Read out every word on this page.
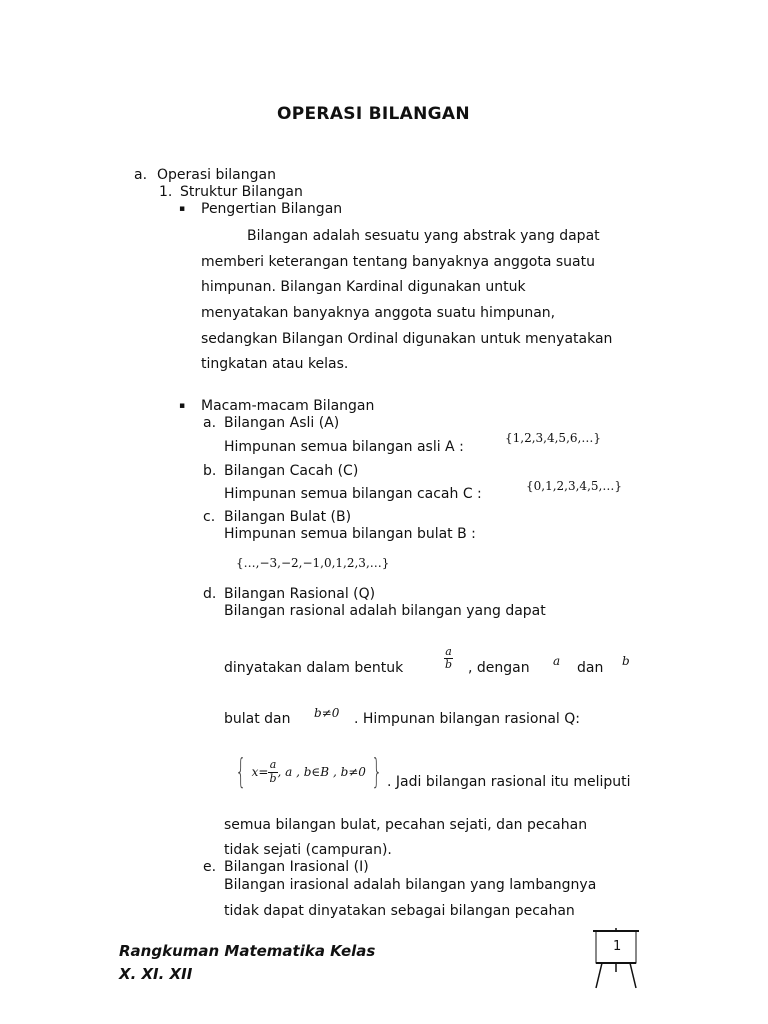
OPERASI BILANGAN
a. Operasi bilangan
1. Struktur Bilangan
▪ Pengertian Bilangan
Bilangan adalah sesuatu yang abstrak yang dapat
memberi keterangan tentang banyaknya anggota suatu
himpunan. Bilangan Kardinal digunakan untuk
menyatakan banyaknya anggota suatu himpunan,
sedangkan Bilangan Ordinal digunakan untuk menyatakan
tingkatan atau kelas.
▪ Macam-macam Bilangan
a. Bilangan Asli (A)
Himpunan semua bilangan asli A :
{1,2,3,4,5,6,…}
b. Bilangan Cacah (C)
Himpunan semua bilangan cacah C :	{0,1,2,3,4,5,…}
c. Bilangan Bulat (B)
Himpunan semua bilangan bulat B :
{…,−3,−2,−1,0,1,2,3,…}
d. Bilangan Rasional (Q)
Bilangan rasional adalah bilangan yang dapat
dinyatakan dalam bentuk	$\frac{a}{b}$ , dengan a dan b
bulat dan b≠0 . Himpunan bilangan rasional Q:
{ $x= \frac{a}{b}$ , a , b∈B , b≠0 } . Jadi bilangan rasional itu meliputi
semua bilangan bulat, pecahan sejati, dan pecahan
tidak sejati (campuran).
e. Bilangan Irasional (I)
Bilangan irasional adalah bilangan yang lambangnya
tidak dapat dinyatakan sebagai bilangan pecahan
Rangkuman Matematika Kelas
X. XI. XII
1
